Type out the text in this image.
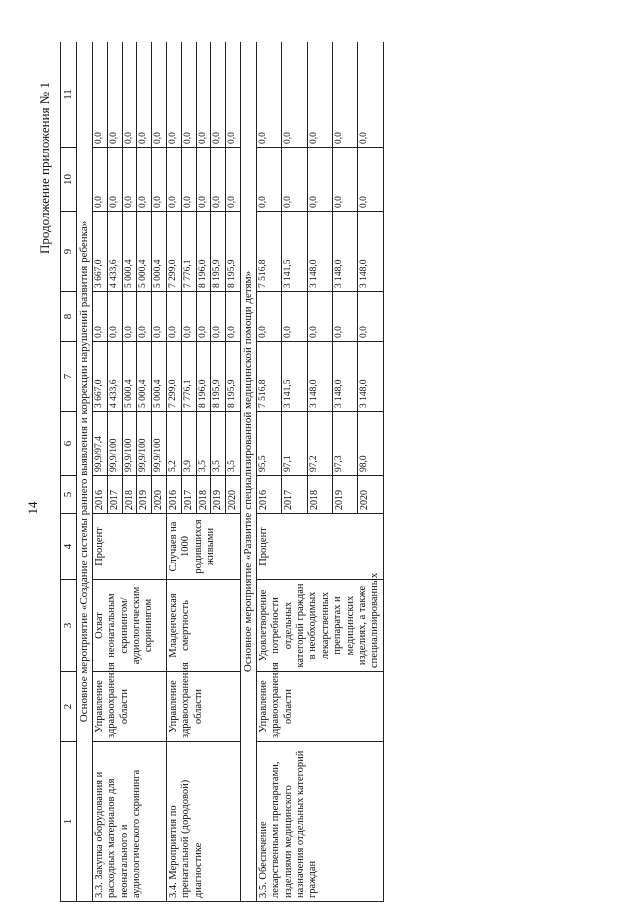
14
Продолжение приложения № 1
1	2	3	4	5	6	7	8	9	10	11
Основное мероприятие «Создание системы раннего выявления и коррекции нарушений развития ребенка»										
3.3. Закупка оборудования и расходных материалов для неонатального и аудиологического скрининга	Управление здравоохранения области	Охват неонатальным скринингом/ аудиологическим скринингом	Процент	2016	99,9/97,4	3 667,0	0,0	3 667,0	0,0	0,0
				2017	99,9/100	4 433,6	0,0	4 433,6	0,0	0,0
				2018	99,9/100	5 000,4	0,0	5 000,4	0,0	0,0
				2019	99,9/100	5 000,4	0,0	5 000,4	0,0	0,0
				2020	99,9/100	5 000,4	0,0	5 000,4	0,0	0,0
3.4. Мероприятия по пренатальной (дородовой) диагностике	Управление здравоохранения области	Младенческая смертность	Случаев на 1000 родившихся живыми	2016	5,2	7 299,0	0,0	7 299,0	0,0	0,0
				2017	3,9	7 776,1	0,0	7 776,1	0,0	0,0
				2018	3,5	8 196,0	0,0	8 196,0	0,0	0,0
				2019	3,5	8 195,9	0,0	8 195,9	0,0	0,0
				2020	3,5	8 195,9	0,0	8 195,9	0,0	0,0
Основное мероприятие «Развитие специализированной медицинской помощи детям»										
3.5. Обеспечение лекарственными препаратами, изделиями медицинского назначения отдельных категорий граждан	Управление здравоохранения области	Удовлетворение потребности отдельных категорий граждан в необходимых лекарственных препаратах и медицинских изделиях, а также специализированных	Процент	2016	95,5	7 516,8	0,0	7 516,8	0,0	0,0
				2017	97,1	3 141,5	0,0	3 141,5	0,0	0,0
				2018	97,2	3 148,0	0,0	3 148,0	0,0	0,0
				2019	97,3	3 148,0	0,0	3 148,0	0,0	0,0
				2020	98,0	3 148,0	0,0	3 148,0	0,0	0,0
